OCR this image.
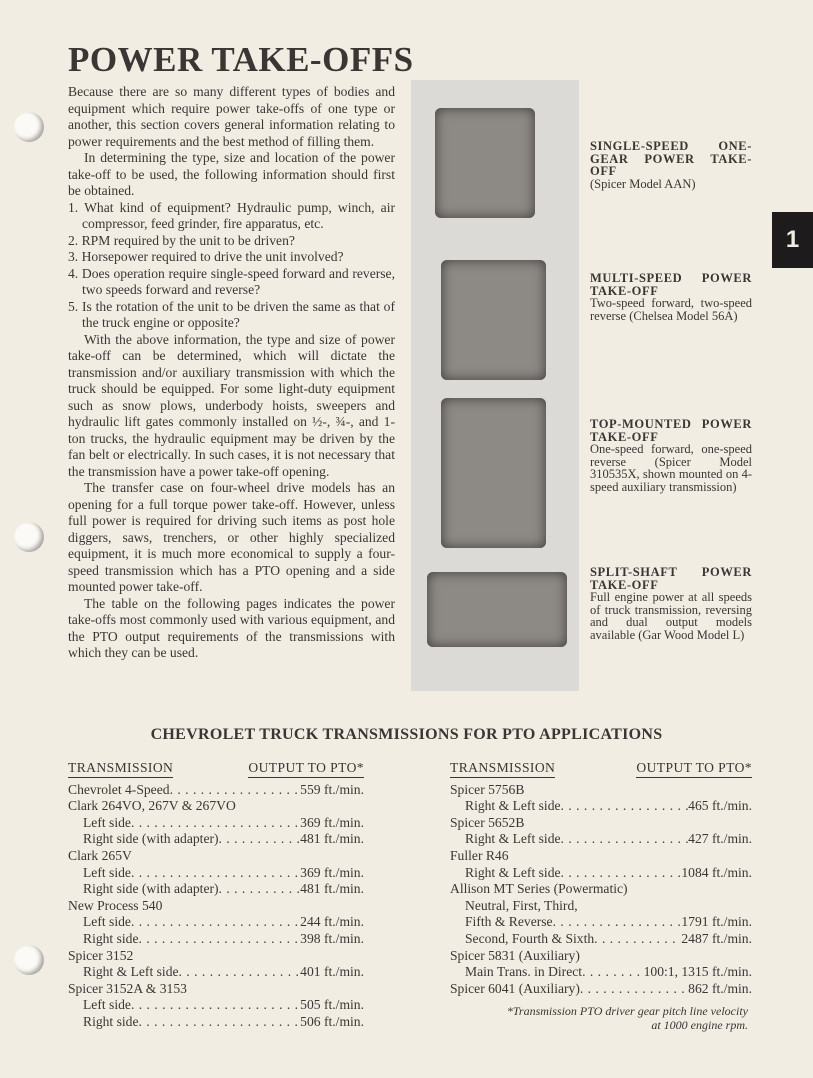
POWER TAKE-OFFS

Because there are so many different types of bodies and equipment which require power take-offs of one type or another, this section covers general information relating to power requirements and the best method of filling them.

In determining the type, size and location of the power take-off to be used, the following information should first be obtained.

1. What kind of equipment? Hydraulic pump, winch, air compressor, feed grinder, fire apparatus, etc.
2. RPM required by the unit to be driven?
3. Horsepower required to drive the unit involved?
4. Does operation require single-speed forward and reverse, two speeds forward and reverse?
5. Is the rotation of the unit to be driven the same as that of the truck engine or opposite?

With the above information, the type and size of power take-off can be determined, which will dictate the transmission and/or auxiliary transmission with which the truck should be equipped. For some light-duty equipment such as snow plows, underbody hoists, sweepers and hydraulic lift gates commonly installed on ½-, ¾-, and 1-ton trucks, the hydraulic equipment may be driven by the fan belt or electrically. In such cases, it is not necessary that the transmission have a power take-off opening.

The transfer case on four-wheel drive models has an opening for a full torque power take-off. However, unless full power is required for driving such items as post hole diggers, saws, trenchers, or other highly specialized equipment, it is much more economical to supply a four-speed transmission which has a PTO opening and a side mounted power take-off.

The table on the following pages indicates the power take-offs most commonly used with various equipment, and the PTO output requirements of the transmissions with which they can be used.

SINGLE-SPEED ONE-GEAR POWER TAKE-OFF
(Spicer Model AAN)
MULTI-SPEED POWER TAKE-OFF
Two-speed forward, two-speed reverse (Chelsea Model 56A)
TOP-MOUNTED POWER TAKE-OFF
One-speed forward, one-speed reverse (Spicer Model 310535X, shown mounted on 4-speed auxiliary transmission)
SPLIT-SHAFT POWER TAKE-OFF
Full engine power at all speeds of truck transmission, reversing and dual output models available (Gar Wood Model L)
1
CHEVROLET TRUCK TRANSMISSIONS FOR PTO APPLICATIONS
TRANSMISSION	OUTPUT TO PTO*
Chevrolet 4-Speed . . .	559 ft./min.
Clark 264VO, 267V & 267VO
Left side . . .	369 ft./min.
Right side (with adapter) . . .	481 ft./min.
Clark 265V
Left side . . .	369 ft./min.
Right side (with adapter) . . .	481 ft./min.
New Process 540
Left side . . .	244 ft./min.
Right side . . .	398 ft./min.
Spicer 3152
Right & Left side . . .	401 ft./min.
Spicer 3152A & 3153
Left side . . .	505 ft./min.
Right side . . .	506 ft./min.
TRANSMISSION	OUTPUT TO PTO*
Spicer 5756B
Right & Left side . . .	465 ft./min.
Spicer 5652B
Right & Left side . . .	427 ft./min.
Fuller R46
Right & Left side . . .	1084 ft./min.
Allison MT Series (Powermatic)
Neutral, First, Third,
Fifth & Reverse . . .	1791 ft./min.
Second, Fourth & Sixth . . .	2487 ft./min.
Spicer 5831 (Auxiliary)
Main Trans. in Direct . . .	100:1, 1315 ft./min.
Spicer 6041 (Auxiliary) . . .	862 ft./min.
*Transmission PTO driver gear pitch line velocity
at 1000 engine rpm.
